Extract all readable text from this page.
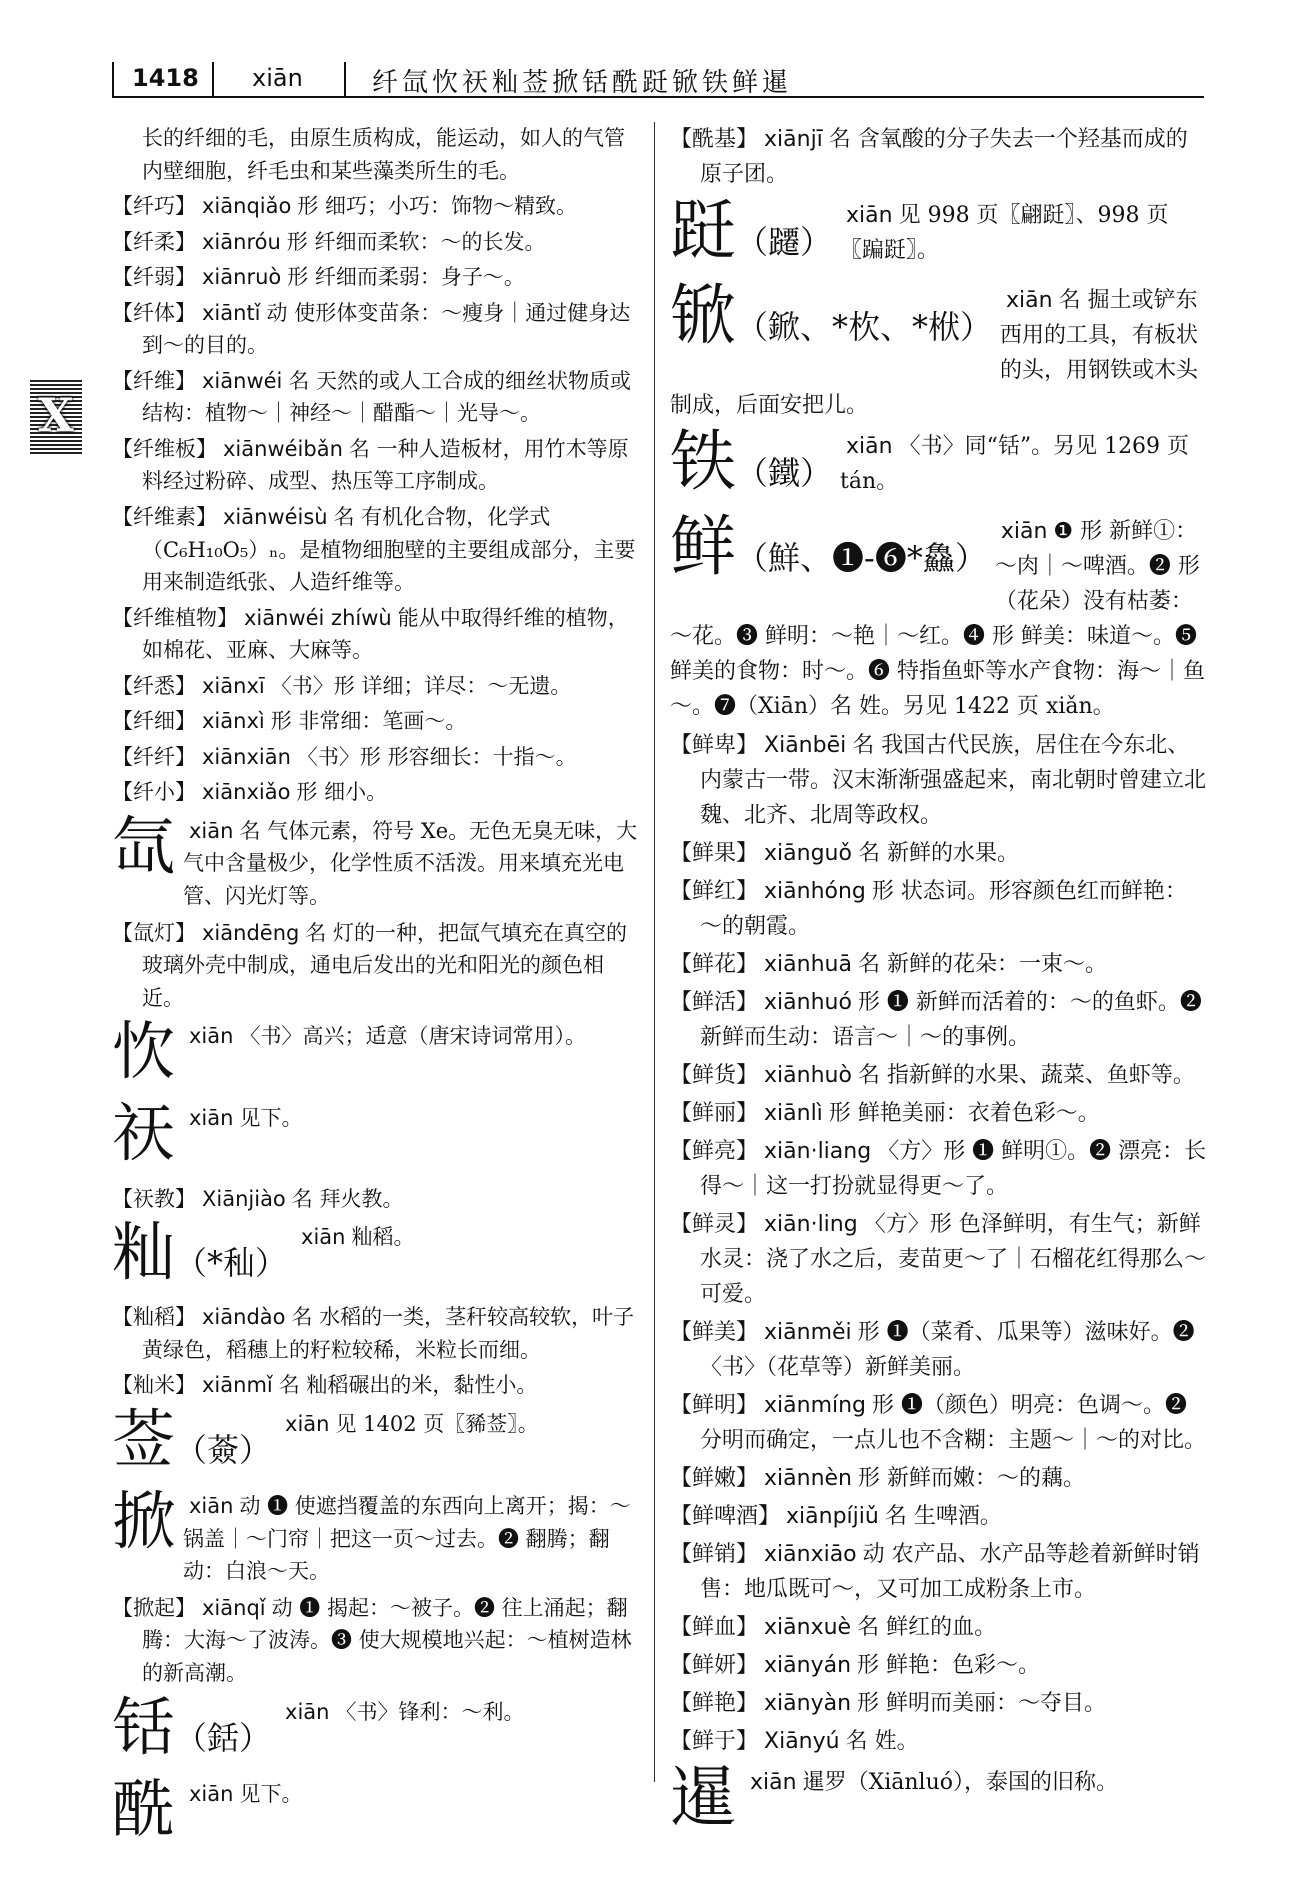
1418 xiān	纤氙忺祆籼莶掀铦酰跹锨铁鲜暹
X
长的纤细的毛，由原生质构成，能运动，如人的气管内壁细胞，纤毛虫和某些藻类所生的毛。
【纤巧】 xiānqiǎo 形 细巧；小巧：饰物～精致。
【纤柔】 xiānróu 形 纤细而柔软：～的长发。
【纤弱】 xiānruò 形 纤细而柔弱：身子～。
【纤体】 xiāntǐ 动 使形体变苗条：～瘦身｜通过健身达到～的目的。
【纤维】 xiānwéi 名 天然的或人工合成的细丝状物质或结构：植物～｜神经～｜醋酯～｜光导～。
【纤维板】 xiānwéibǎn 名 一种人造板材，用竹木等原料经过粉碎、成型、热压等工序制成。
【纤维素】 xiānwéisù 名 有机化合物，化学式（C₆H₁₀O₅）ₙ。是植物细胞壁的主要组成部分，主要用来制造纸张、人造纤维等。
【纤维植物】 xiānwéi zhíwù 能从中取得纤维的植物，如棉花、亚麻、大麻等。
【纤悉】 xiānxī 〈书〉形 详细；详尽：～无遗。
【纤细】 xiānxì 形 非常细：笔画～。
【纤纤】 xiānxiān 〈书〉形 形容细长：十指～。
【纤小】 xiānxiǎo 形 细小。
氙 xiān 名 气体元素，符号 Xe。无色无臭无味，大气中含量极少，化学性质不活泼。用来填充光电管、闪光灯等。
【氙灯】 xiāndēng 名 灯的一种，把氙气填充在真空的玻璃外壳中制成，通电后发出的光和阳光的颜色相近。
忺 xiān 〈书〉高兴；适意（唐宋诗词常用）。
祆 xiān 见下。
【祆教】 Xiānjiào 名 拜火教。
籼（*秈）
xiān 籼稻。
【籼稻】 xiāndào 名 水稻的一类，茎秆较高较软，叶子黄绿色，稻穗上的籽粒较稀，米粒长而细。
【籼米】 xiānmǐ 名 籼稻碾出的米，黏性小。
莶（薟）
xiān 见 1402 页〖豨莶〗。
掀 xiān 动 ❶ 使遮挡覆盖的东西向上离开；揭：～锅盖｜～门帘｜把这一页～过去。❷ 翻腾；翻动：白浪～天。
【掀起】 xiānqǐ 动 ❶ 揭起：～被子。❷ 往上涌起；翻腾：大海～了波涛。❸ 使大规模地兴起：～植树造林的新高潮。
铦（銛）
xiān 〈书〉锋利：～利。
酰 xiān 见下。
【酰基】 xiānjī 名 含氧酸的分子失去一个羟基而成的原子团。
跹（躚）
xiān 见 998 页〖翩跹〗、998 页〖蹁跹〗。
锨（鍁、*杴、*栿）
xiān 名 掘土或铲东西用的工具，有板状的头，用钢铁或木头制成，后面安把儿。
铁（鐵）
xiān 〈书〉同“铦”。另见 1269 页 tán。
鲜（鮮、❶-❻*鱻）
xiān ❶ 形 新鲜①：～肉｜～啤酒。❷ 形（花朵）没有枯萎：～花。❸ 鲜明：～艳｜～红。❹ 形 鲜美：味道～。❺ 鲜美的食物：时～。❻ 特指鱼虾等水产食物：海～｜鱼～。❼（Xiān）名 姓。另见 1422 页 xiǎn。
【鲜卑】 Xiānbēi 名 我国古代民族，居住在今东北、内蒙古一带。汉末渐渐强盛起来，南北朝时曾建立北魏、北齐、北周等政权。
【鲜果】 xiānguǒ 名 新鲜的水果。
【鲜红】 xiānhóng 形 状态词。形容颜色红而鲜艳：～的朝霞。
【鲜花】 xiānhuā 名 新鲜的花朵：一束～。
【鲜活】 xiānhuó 形 ❶ 新鲜而活着的：～的鱼虾。❷ 新鲜而生动：语言～｜～的事例。
【鲜货】 xiānhuò 名 指新鲜的水果、蔬菜、鱼虾等。
【鲜丽】 xiānlì 形 鲜艳美丽：衣着色彩～。
【鲜亮】 xiān·liang 〈方〉形 ❶ 鲜明①。❷ 漂亮：长得～｜这一打扮就显得更～了。
【鲜灵】 xiān·ling 〈方〉形 色泽鲜明，有生气；新鲜水灵：浇了水之后，麦苗更～了｜石榴花红得那么～可爱。
【鲜美】 xiānměi 形 ❶（菜肴、瓜果等）滋味好。❷〈书〉（花草等）新鲜美丽。
【鲜明】 xiānmíng 形 ❶（颜色）明亮：色调～。❷ 分明而确定，一点儿也不含糊：主题～｜～的对比。
【鲜嫩】 xiānnèn 形 新鲜而嫩：～的藕。
【鲜啤酒】 xiānpíjiǔ 名 生啤酒。
【鲜销】 xiānxiāo 动 农产品、水产品等趁着新鲜时销售：地瓜既可～，又可加工成粉条上市。
【鲜血】 xiānxuè 名 鲜红的血。
【鲜妍】 xiānyán 形 鲜艳：色彩～。
【鲜艳】 xiānyàn 形 鲜明而美丽：～夺目。
【鲜于】 Xiānyú 名 姓。
暹 xiān 暹罗（Xiānluó），泰国的旧称。
